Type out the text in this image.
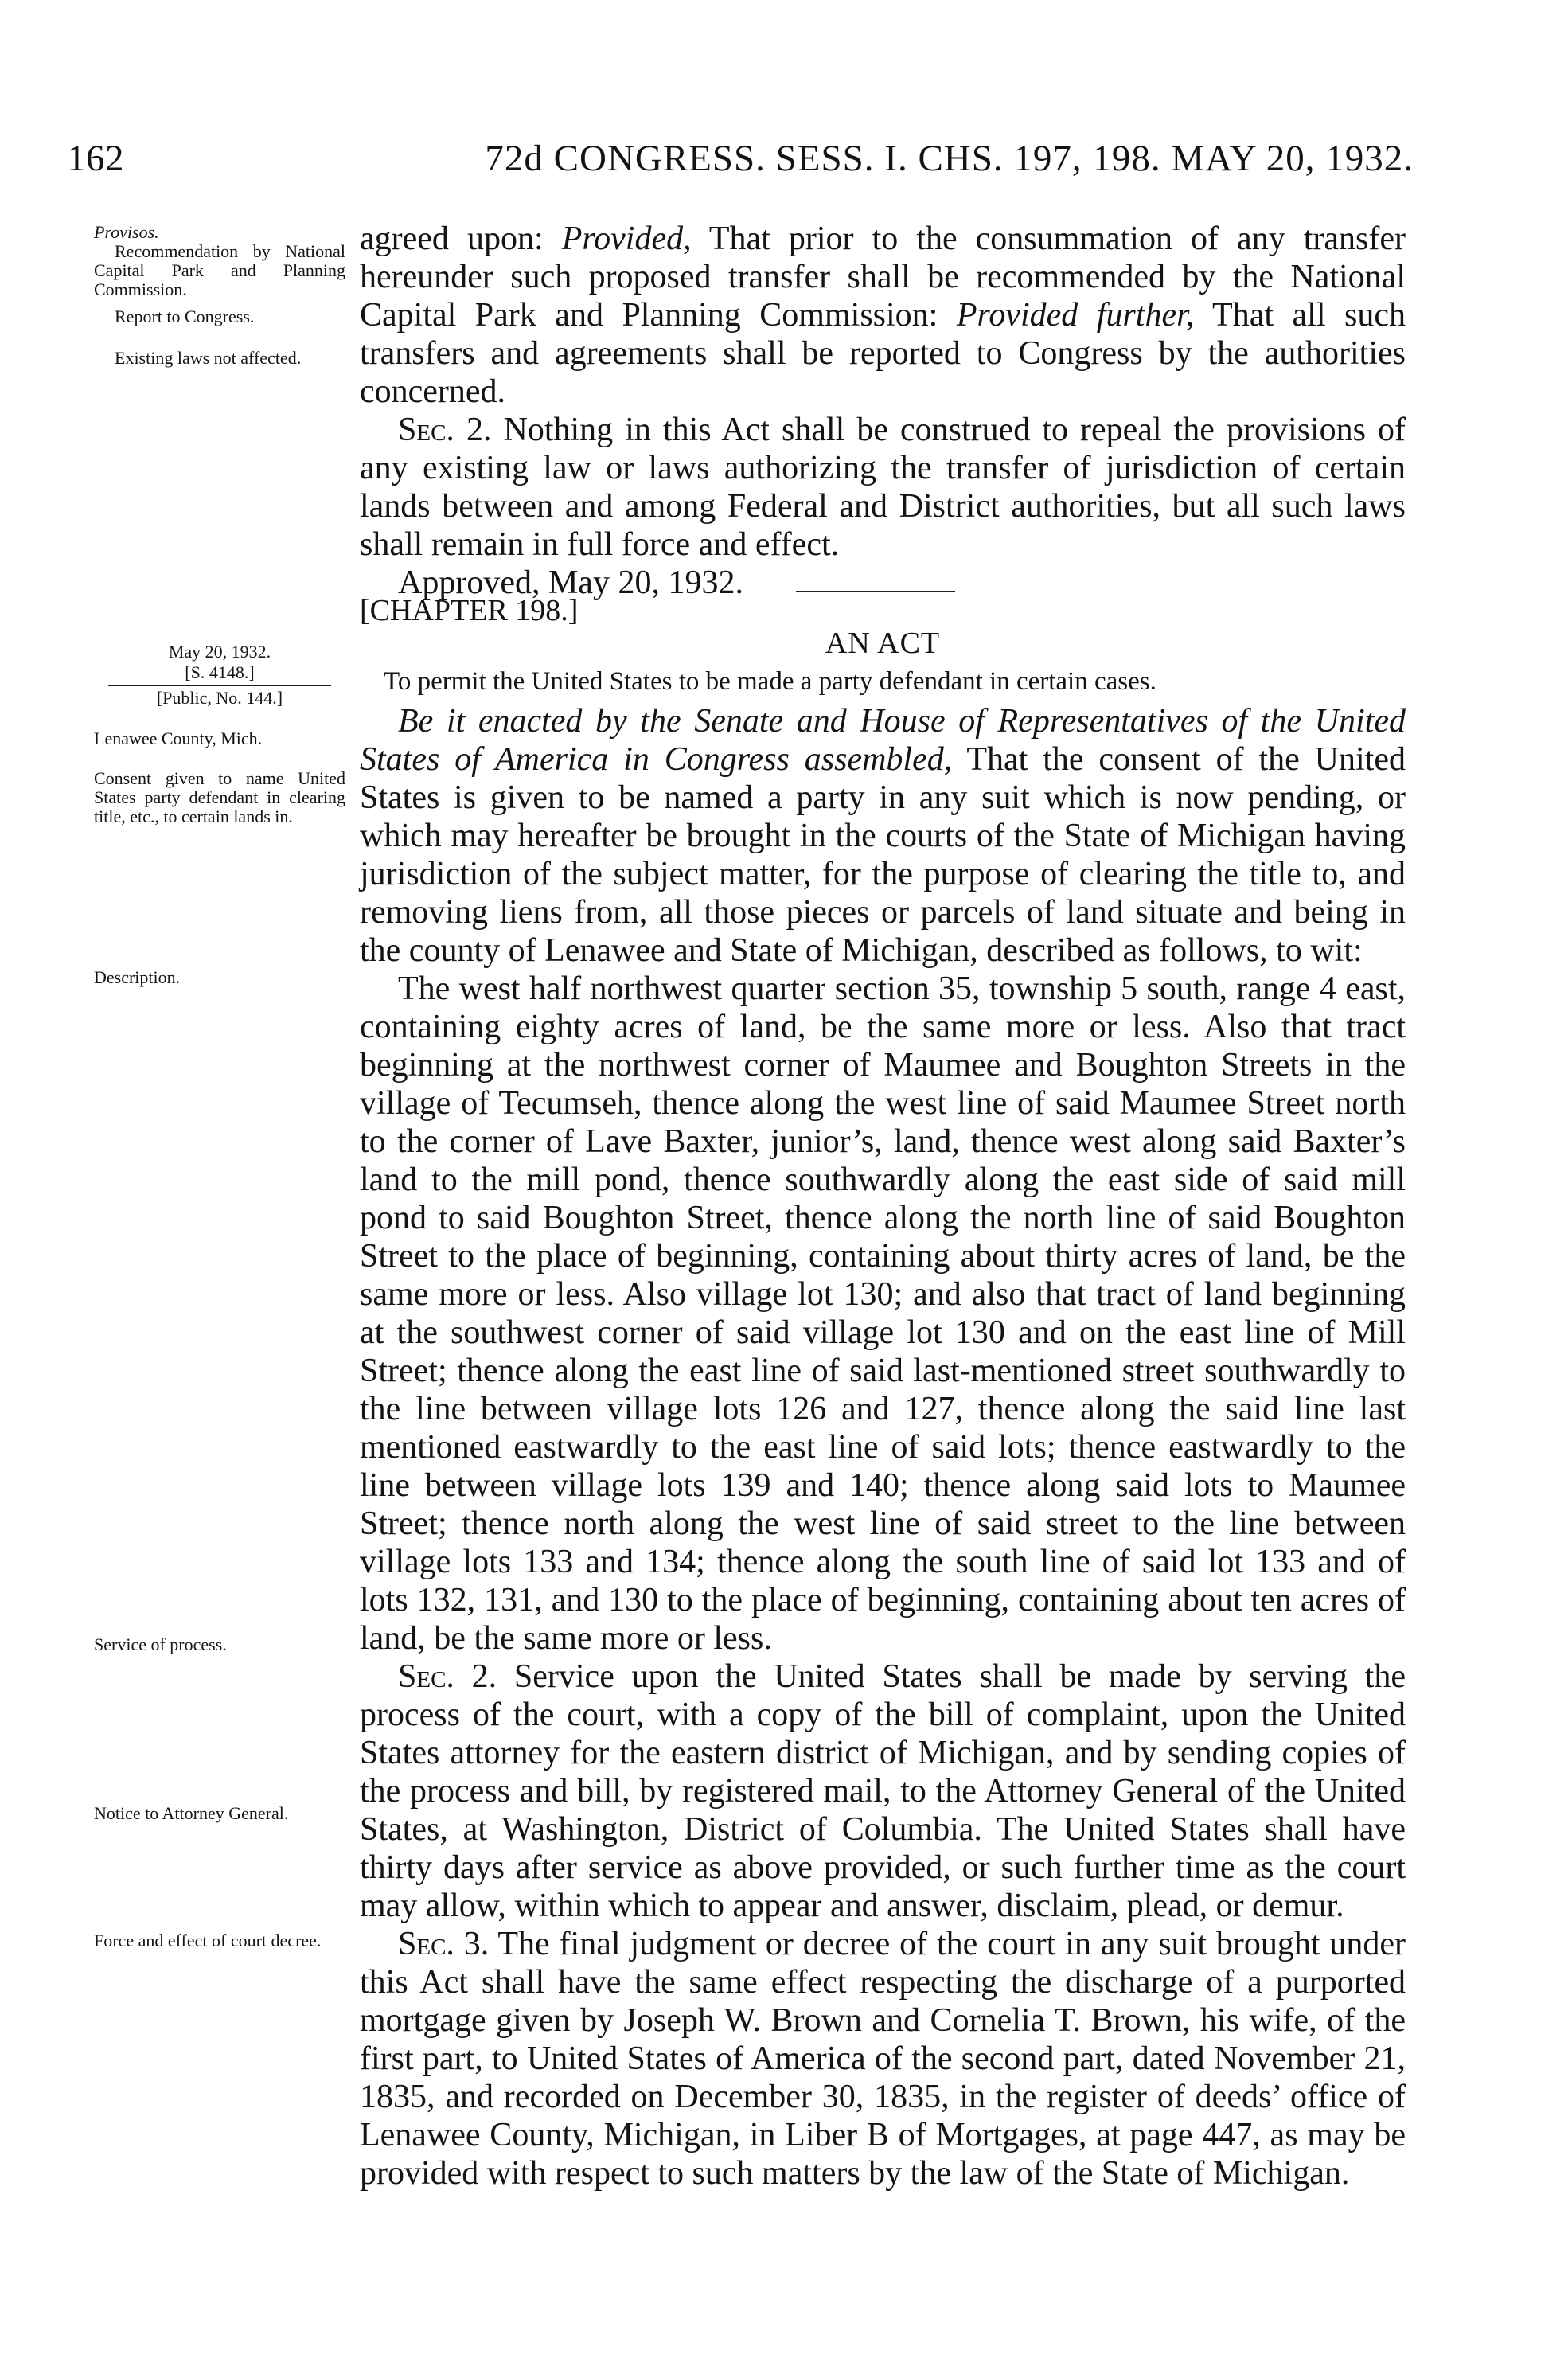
162	72d CONGRESS. SESS. I. CHS. 197, 198. MAY 20, 1932.
Provisos.
Recommendation by National Capital Park and Planning Commission.
Report to Congress.
Existing laws not affected.

agreed upon: Provided, That prior to the consummation of any transfer hereunder such proposed transfer shall be recommended by the National Capital Park and Planning Commission: Provided further, That all such transfers and agreements shall be reported to Congress by the authorities concerned.

Sec. 2. Nothing in this Act shall be construed to repeal the provisions of any existing law or laws authorizing the transfer of jurisdiction of certain lands between and among Federal and District authorities, but all such laws shall remain in full force and effect.

Approved, May 20, 1932.

[CHAPTER 198.]
AN ACT
To permit the United States to be made a party defendant in certain cases.
May 20, 1932.
[S. 4148.]
[Public, No. 144.]
Lenawee County, Mich.
Consent given to name United States party defendant in clearing title, etc., to certain lands in.
Description.
Service of process.
Notice to Attorney General.
Force and effect of court decree.

Be it enacted by the Senate and House of Representatives of the United States of America in Congress assembled, That the consent of the United States is given to be named a party in any suit which is now pending, or which may hereafter be brought in the courts of the State of Michigan having jurisdiction of the subject matter, for the purpose of clearing the title to, and removing liens from, all those pieces or parcels of land situate and being in the county of Lenawee and State of Michigan, described as follows, to wit:

The west half northwest quarter section 35, township 5 south, range 4 east, containing eighty acres of land, be the same more or less. Also that tract beginning at the northwest corner of Maumee and Boughton Streets in the village of Tecumseh, thence along the west line of said Maumee Street north to the corner of Lave Baxter, junior’s, land, thence west along said Baxter’s land to the mill pond, thence southwardly along the east side of said mill pond to said Boughton Street, thence along the north line of said Boughton Street to the place of beginning, containing about thirty acres of land, be the same more or less. Also village lot 130; and also that tract of land beginning at the southwest corner of said village lot 130 and on the east line of Mill Street; thence along the east line of said last-mentioned street southwardly to the line between village lots 126 and 127, thence along the said line last mentioned eastwardly to the east line of said lots; thence eastwardly to the line between village lots 139 and 140; thence along said lots to Maumee Street; thence north along the west line of said street to the line between village lots 133 and 134; thence along the south line of said lot 133 and of lots 132, 131, and 130 to the place of beginning, containing about ten acres of land, be the same more or less.

Sec. 2. Service upon the United States shall be made by serving the process of the court, with a copy of the bill of complaint, upon the United States attorney for the eastern district of Michigan, and by sending copies of the process and bill, by registered mail, to the Attorney General of the United States, at Washington, District of Columbia. The United States shall have thirty days after service as above provided, or such further time as the court may allow, within which to appear and answer, disclaim, plead, or demur.

Sec. 3. The final judgment or decree of the court in any suit brought under this Act shall have the same effect respecting the discharge of a purported mortgage given by Joseph W. Brown and Cornelia T. Brown, his wife, of the first part, to United States of America of the second part, dated November 21, 1835, and recorded on December 30, 1835, in the register of deeds’ office of Lenawee County, Michigan, in Liber B of Mortgages, at page 447, as may be provided with respect to such matters by the law of the State of Michigan.
